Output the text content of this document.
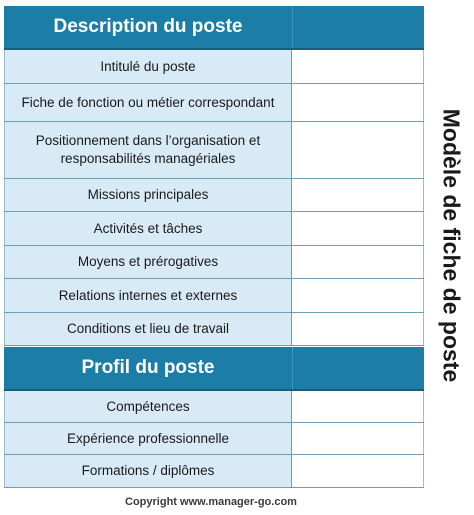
Description du poste
Intitulé du poste
Fiche de fonction ou métier correspondant
Positionnement dans l’organisation et responsabilités managériales
Missions principales
Activités et tâches
Moyens et prérogatives
Relations internes et externes
Conditions et lieu de travail
Profil du poste
Compétences
Expérience professionnelle
Formations / diplômes
Modèle de fiche de poste
Copyright www.manager-go.com
